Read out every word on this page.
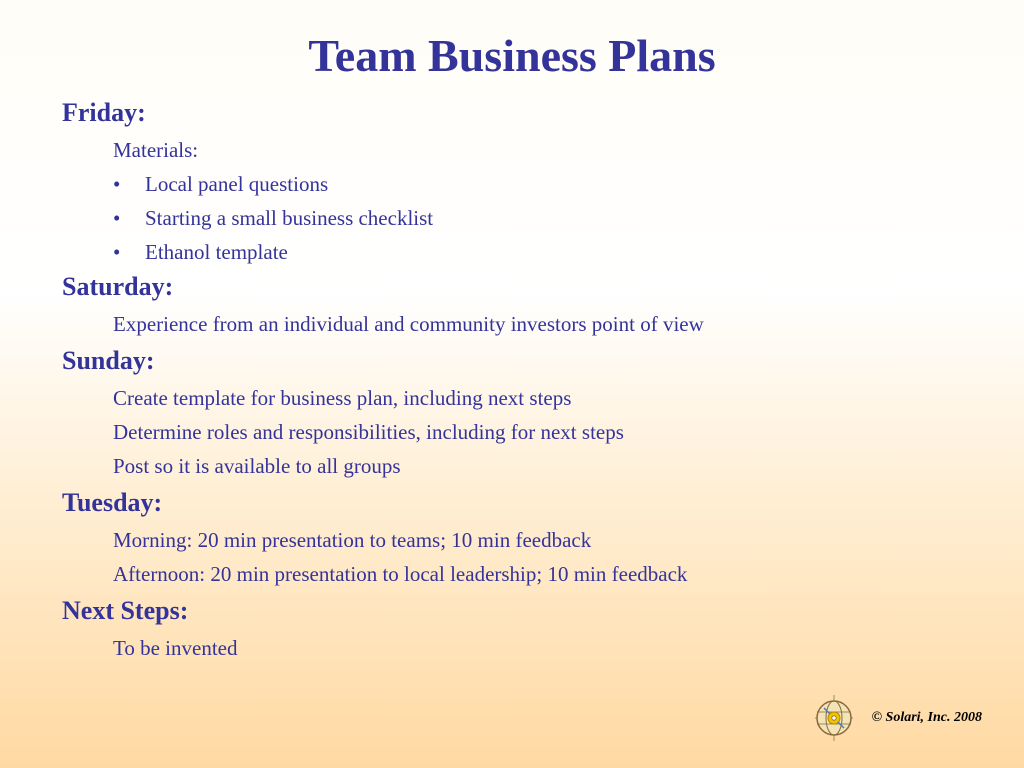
Team Business Plans
Friday:
Materials:
•	Local panel questions
•	Starting a small business checklist
•	Ethanol template
Saturday:
Experience from an individual and community investors point of view
Sunday:
Create template for business plan, including next steps
Determine roles and responsibilities, including for next steps
Post so it is available to all groups
Tuesday:
Morning: 20 min presentation to teams; 10 min feedback
Afternoon: 20 min presentation to local leadership; 10 min feedback
Next Steps:
To be invented
© Solari, Inc. 2008
